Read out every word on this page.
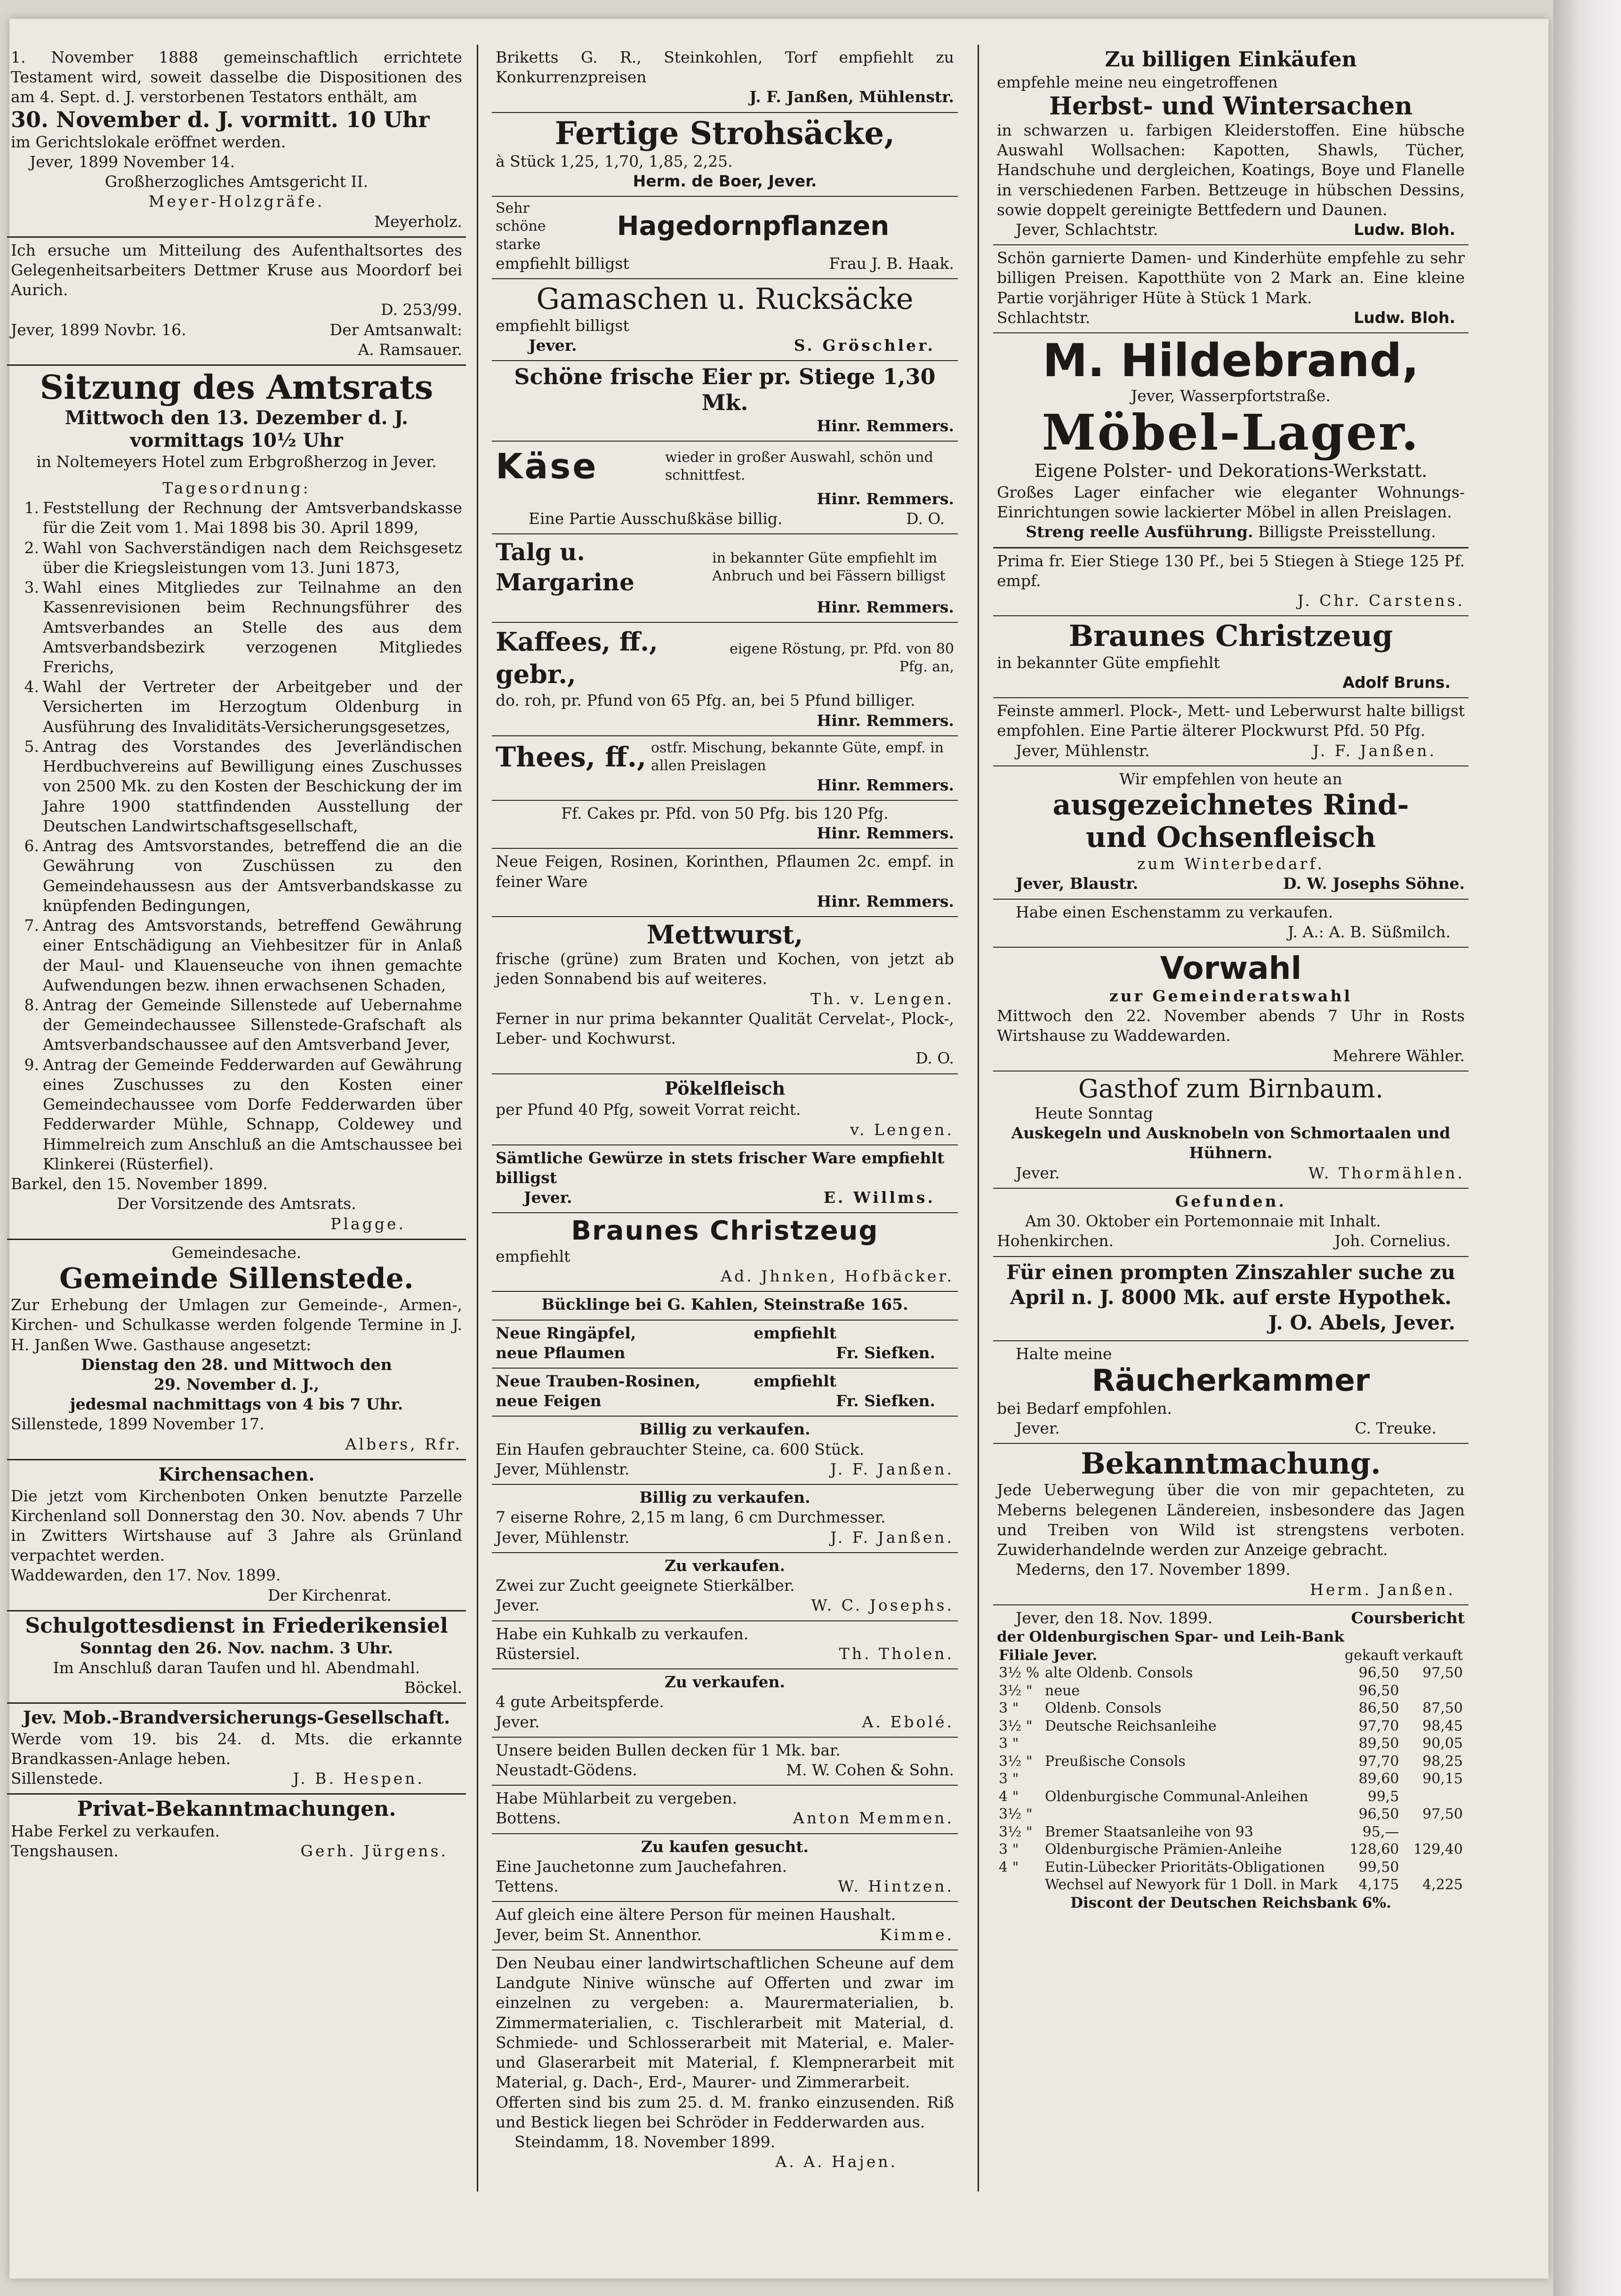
1. November 1888 gemeinschaftlich errichtete Testament wird, soweit dasselbe die Dispositionen des am 4. Sept. d. J. verstorbenen Testators enthält, am

30. November d. J. vormitt. 10 Uhr

im Gerichtslokale eröffnet werden.

Jever, 1899 November 14.

Großherzogliches Amtsgericht II.

Meyer-Holzgräfe.

Meyerholz.

Ich ersuche um Mitteilung des Aufenthaltsortes des Gelegenheitsarbeiters Dettmer Kruse aus Moordorf bei Aurich.

D. 253/99.

Jever, 1899 Novbr. 16.	Der Amtsanwalt:

A. Ramsauer.

Sitzung des Amtsrats
Mittwoch den 13. Dezember d. J.
vormittags 10½ Uhr

in Noltemeyers Hotel zum Erbgroßherzog in Jever.

Tagesordnung:

1. Feststellung der Rechnung der Amtsverbandskasse für die Zeit vom 1. Mai 1898 bis 30. April 1899,
2. Wahl von Sachverständigen nach dem Reichsgesetz über die Kriegsleistungen vom 13. Juni 1873,
3. Wahl eines Mitgliedes zur Teilnahme an den Kassenrevisionen beim Rechnungsführer des Amtsverbandes an Stelle des aus dem Amtsverbandsbezirk verzogenen Mitgliedes Frerichs,
4. Wahl der Vertreter der Arbeitgeber und der Versicherten im Herzogtum Oldenburg in Ausführung des Invaliditäts-Versicherungsgesetzes,
5. Antrag des Vorstandes des Jeverländischen Herdbuchvereins auf Bewilligung eines Zuschusses von 2500 Mk. zu den Kosten der Beschickung der im Jahre 1900 stattfindenden Ausstellung der Deutschen Landwirtschaftsgesellschaft,
6. Antrag des Amtsvorstandes, betreffend die an die Gewährung von Zuschüssen zu den Gemeindehaussesn aus der Amtsverbandskasse zu knüpfenden Bedingungen,
7. Antrag des Amtsvorstands, betreffend Gewährung einer Entschädigung an Viehbesitzer für in Anlaß der Maul- und Klauenseuche von ihnen gemachte Aufwendungen bezw. ihnen erwachsenen Schaden,
8. Antrag der Gemeinde Sillenstede auf Uebernahme der Gemeindechaussee Sillenstede-Grafschaft als Amtsverbandschaussee auf den Amtsverband Jever,
9. Antrag der Gemeinde Fedderwarden auf Gewährung eines Zuschusses zu den Kosten einer Gemeindechaussee vom Dorfe Fedderwarden über Fedderwarder Mühle, Schnapp, Coldewey und Himmelreich zum Anschluß an die Amtschaussee bei Klinkerei (Rüsterfiel).

Barkel, den 15. November 1899.

Der Vorsitzende des Amtsrats.

Plagge.

Gemeindesache.

Gemeinde Sillenstede.

Zur Erhebung der Umlagen zur Gemeinde-, Armen-, Kirchen- und Schulkasse werden folgende Termine in J. H. Janßen Wwe. Gasthause angesetzt:

Dienstag den 28. und Mittwoch den

29. November d. J.,

jedesmal nachmittags von 4 bis 7 Uhr.

Sillenstede, 1899 November 17.

Albers, Rfr.

Kirchensachen.

Die jetzt vom Kirchenboten Onken benutzte Parzelle Kirchenland soll Donnerstag den 30. Nov. abends 7 Uhr in Zwitters Wirtshause auf 3 Jahre als Grünland verpachtet werden.

Waddewarden, den 17. Nov. 1899.

Der Kirchenrat.

Schulgottesdienst in Friederikensiel

Sonntag den 26. Nov. nachm. 3 Uhr.

Im Anschluß daran Taufen und hl. Abendmahl.

Böckel.

Jev. Mob.-Brandversicherungs-Gesellschaft.

Werde vom 19. bis 24. d. Mts. die erkannte Brandkassen-Anlage heben.

Sillenstede.	J. B. Hespen.
Privat-Bekanntmachungen.

Habe Ferkel zu verkaufen.

Tengshausen.	Gerh. Jürgens.

Briketts G. R., Steinkohlen, Torf empfiehlt zu Konkurrenzpreisen

J. F. Janßen, Mühlenstr.

Fertige Strohsäcke,

à Stück 1,25, 1,70, 1,85, 2,25.

Herm. de Boer, Jever.

Sehr schöne starke
Hagedornpflanzen
empfiehlt billigst	Frau J. B. Haak.
Gamaschen u. Rucksäcke

empfiehlt billigst

Jever.	S. Gröschler.
Schöne frische Eier pr. Stiege 1,30 Mk.

Hinr. Remmers.

Käse	wieder in großer Auswahl, schön und schnittfest.

Hinr. Remmers.

Eine Partie Ausschußkäse billig.	D. O.
Talg u. Margarine
in bekannter Güte empfiehlt im Anbruch und bei Fässern billigst

Hinr. Remmers.

Kaffees, ff., gebr.,
eigene Röstung, pr. Pfd. von 80 Pfg. an,

do. roh, pr. Pfund von 65 Pfg. an, bei 5 Pfund billiger.

Hinr. Remmers.

Thees, ff., ostfr. Mischung, bekannte Güte, empf. in allen Preislagen

Hinr. Remmers.

Ff. Cakes pr. Pfd. von 50 Pfg. bis 120 Pfg.

Hinr. Remmers.

Neue Feigen, Rosinen, Korinthen, Pflaumen 2c. empf. in feiner Ware

Hinr. Remmers.

Mettwurst,

frische (grüne) zum Braten und Kochen, von jetzt ab jeden Sonnabend bis auf weiteres.

Th. v. Lengen.

Ferner in nur prima bekannter Qualität Cervelat-, Plock-, Leber- und Kochwurst.

D. O.

Pökelfleisch

per Pfund 40 Pfg, soweit Vorrat reicht.

v. Lengen.

Sämtliche Gewürze in stets frischer Ware empfiehlt billigst

Jever.	E. Willms.
Braunes Christzeug

empfiehlt

Ad. Jhnken, Hofbäcker.

Bücklinge bei G. Kahlen, Steinstraße 165.

Neue Ringäpfel,	empfiehlt
neue Pflaumen	Fr. Siefken.
Neue Trauben-Rosinen,	empfiehlt
neue Feigen	Fr. Siefken.

Billig zu verkaufen.

Ein Haufen gebrauchter Steine, ca. 600 Stück.

Jever, Mühlenstr.	J. F. Janßen.

Billig zu verkaufen.

7 eiserne Rohre, 2,15 m lang, 6 cm Durchmesser.

Jever, Mühlenstr.	J. F. Janßen.

Zu verkaufen.

Zwei zur Zucht geeignete Stierkälber.

Jever.	W. C. Josephs.

Habe ein Kuhkalb zu verkaufen.

Rüstersiel.	Th. Tholen.

Zu verkaufen.

4 gute Arbeitspferde.

Jever.	A. Ebolé.

Unsere beiden Bullen decken für 1 Mk. bar.

Neustadt-Gödens.	M. W. Cohen & Sohn.

Habe Mühlarbeit zu vergeben.

Bottens.	Anton Memmen.

Zu kaufen gesucht.

Eine Jauchetonne zum Jauchefahren.

Tettens.	W. Hintzen.

Auf gleich eine ältere Person für meinen Haushalt.

Jever, beim St. Annenthor.	Kimme.

Den Neubau einer landwirtschaftlichen Scheune auf dem Landgute Ninive wünsche auf Offerten und zwar im einzelnen zu vergeben: a. Maurermaterialien, b. Zimmermaterialien, c. Tischlerarbeit mit Material, d. Schmiede- und Schlosserarbeit mit Material, e. Maler- und Glaserarbeit mit Material, f. Klempnerarbeit mit Material, g. Dach-, Erd-, Maurer- und Zimmerarbeit.

Offerten sind bis zum 25. d. M. franko einzusenden. Riß und Bestick liegen bei Schröder in Fedderwarden aus.

Steindamm, 18. November 1899.

A. A. Hajen.

Zu billigen Einkäufen

empfehle meine neu eingetroffenen

Herbst- und Wintersachen

in schwarzen u. farbigen Kleiderstoffen. Eine hübsche Auswahl Wollsachen: Kapotten, Shawls, Tücher, Handschuhe und dergleichen, Koatings, Boye und Flanelle in verschiedenen Farben. Bettzeuge in hübschen Dessins, sowie doppelt gereinigte Bettfedern und Daunen.

Jever, Schlachtstr.	Ludw. Bloh.

Schön garnierte Damen- und Kinderhüte empfehle zu sehr billigen Preisen. Kapotthüte von 2 Mark an. Eine kleine Partie vorjähriger Hüte à Stück 1 Mark.

Schlachtstr.	Ludw. Bloh.
M. Hildebrand,

Jever, Wasserpfortstraße.

Möbel-Lager.

Eigene Polster- und Dekorations-Werkstatt.

Großes Lager einfacher wie eleganter Wohnungs-Einrichtungen sowie lackierter Möbel in allen Preislagen.

Streng reelle Ausführung. Billigste Preisstellung.

Prima fr. Eier Stiege 130 Pf., bei 5 Stiegen à Stiege 125 Pf. empf.

J. Chr. Carstens.

Braunes Christzeug

in bekannter Güte empfiehlt

Adolf Bruns.

Feinste ammerl. Plock-, Mett- und Leberwurst halte billigst empfohlen. Eine Partie älterer Plockwurst Pfd. 50 Pfg.

Jever, Mühlenstr.	J. F. Janßen.

Wir empfehlen von heute an

ausgezeichnetes Rind-
und Ochsenfleisch

zum Winterbedarf.

Jever, Blaustr.	D. W. Josephs Söhne.

Habe einen Eschenstamm zu verkaufen.

J. A.: A. B. Süßmilch.

Vorwahl

zur Gemeinderatswahl

Mittwoch den 22. November abends 7 Uhr in Rosts Wirtshause zu Waddewarden.

Mehrere Wähler.

Gasthof zum Birnbaum.

Heute Sonntag

Auskegeln und Ausknobeln von Schmortaalen und Hühnern.

Jever.	W. Thormählen.

Gefunden.

Am 30. Oktober ein Portemonnaie mit Inhalt.

Hohenkirchen.	Joh. Cornelius.

Für einen prompten Zinszahler suche zu April n. J. 8000 Mk. auf erste Hypothek.

J. O. Abels, Jever.

Halte meine

Räucherkammer

bei Bedarf empfohlen.

Jever.	C. Treuke.
Bekanntmachung.

Jede Ueberwegung über die von mir gepachteten, zu Meberns belegenen Ländereien, insbesondere das Jagen und Treiben von Wild ist strengstens verboten. Zuwiderhandelnde werden zur Anzeige gebracht.

Mederns, den 17. November 1899.

Herm. Janßen.

Jever, den 18. Nov. 1899.	Coursbericht

der Oldenburgischen Spar- und Leih-Bank

Filiale Jever.		gekauft	verkauft
3½ %	alte Oldenb. Consols	96,50	97,50
3½ "	neue	96,50	
3 "	Oldenb. Consols	86,50	87,50
3½ "	Deutsche Reichsanleihe	97,70	98,45
3 "		89,50	90,05
3½ "	Preußische Consols	97,70	98,25
3 "		89,60	90,15
4 "	Oldenburgische Communal-Anleihen	99,5	
3½ "		96,50	97,50
3½ "	Bremer Staatsanleihe von 93	95,—	
3 "	Oldenburgische Prämien-Anleihe	128,60	129,40
4 "	Eutin-Lübecker Prioritäts-Obligationen	99,50	
	Wechsel auf Newyork für 1 Doll. in Mark	4,175	4,225

Discont der Deutschen Reichsbank 6%.
